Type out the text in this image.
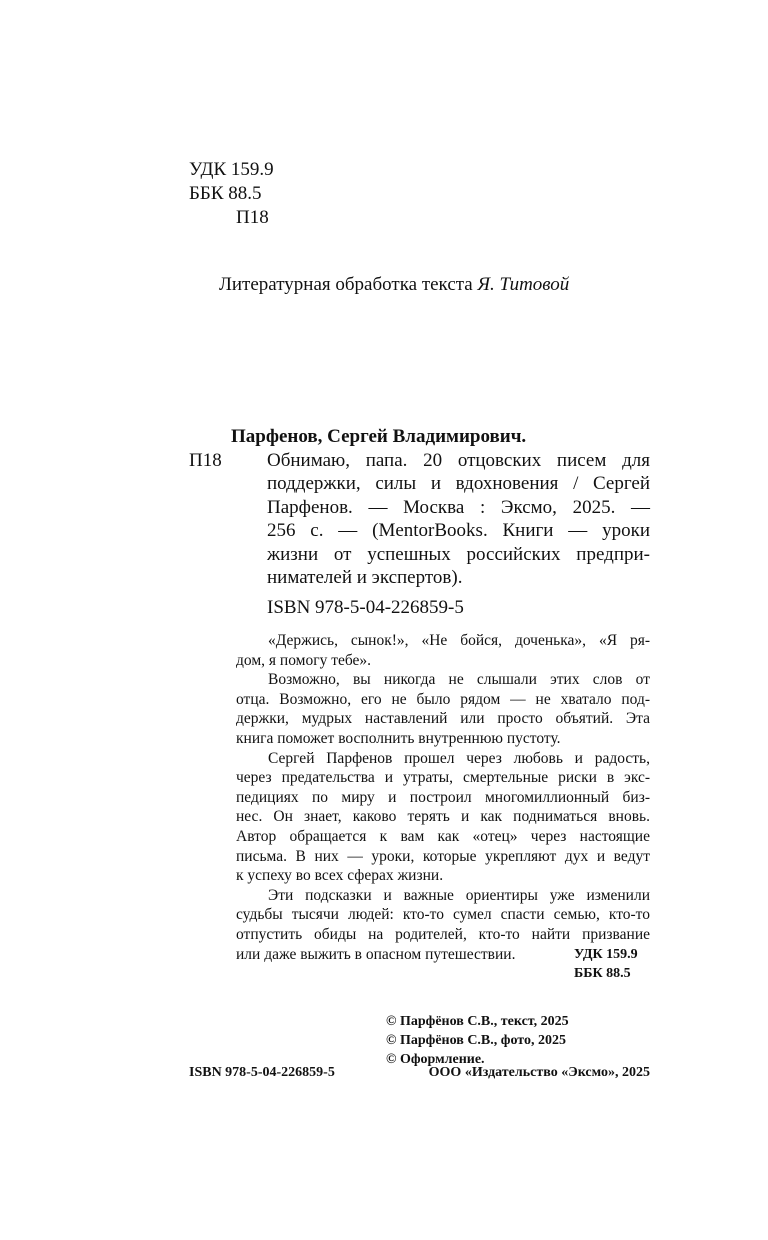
УДК 159.9
ББК 88.5
П18
Литературная обработка текста Я. Титовой
Парфенов, Сергей Владимирович.
П18 Обнимаю, папа. 20 отцовских писем для
поддержки, силы и вдохновения / Сергей
Парфенов. — Москва : Эксмо, 2025. —
256 с. — (MentorBooks. Книги — уроки
жизни от успешных российских предпри-
нимателей и экспертов).
ISBN 978-5-04-226859-5
«Держись, сынок!», «Не бойся, доченька», «Я ря-
дом, я помогу тебе».
Возможно, вы никогда не слышали этих слов от
отца. Возможно, его не было рядом — не хватало под-
держки, мудрых наставлений или просто объятий. Эта
книга поможет восполнить внутреннюю пустоту.
Сергей Парфенов прошел через любовь и радость,
через предательства и утраты, смертельные риски в экс-
педициях по миру и построил многомиллионный биз-
нес. Он знает, каково терять и как подниматься вновь.
Автор обращается к вам как «отец» через настоящие
письма. В них — уроки, которые укрепляют дух и ведут
к успеху во всех сферах жизни.
Эти подсказки и важные ориентиры уже изменили
судьбы тысячи людей: кто-то сумел спасти семью, кто-то
отпустить обиды на родителей, кто-то найти призвание
или даже выжить в опасном путешествии.	УДК 159.9
ББК 88.5
© Парфёнов С.В., текст, 2025
© Парфёнов С.В., фото, 2025
© Оформление.
ISBN 978-5-04-226859-5	ООО «Издательство «Эксмо», 2025
